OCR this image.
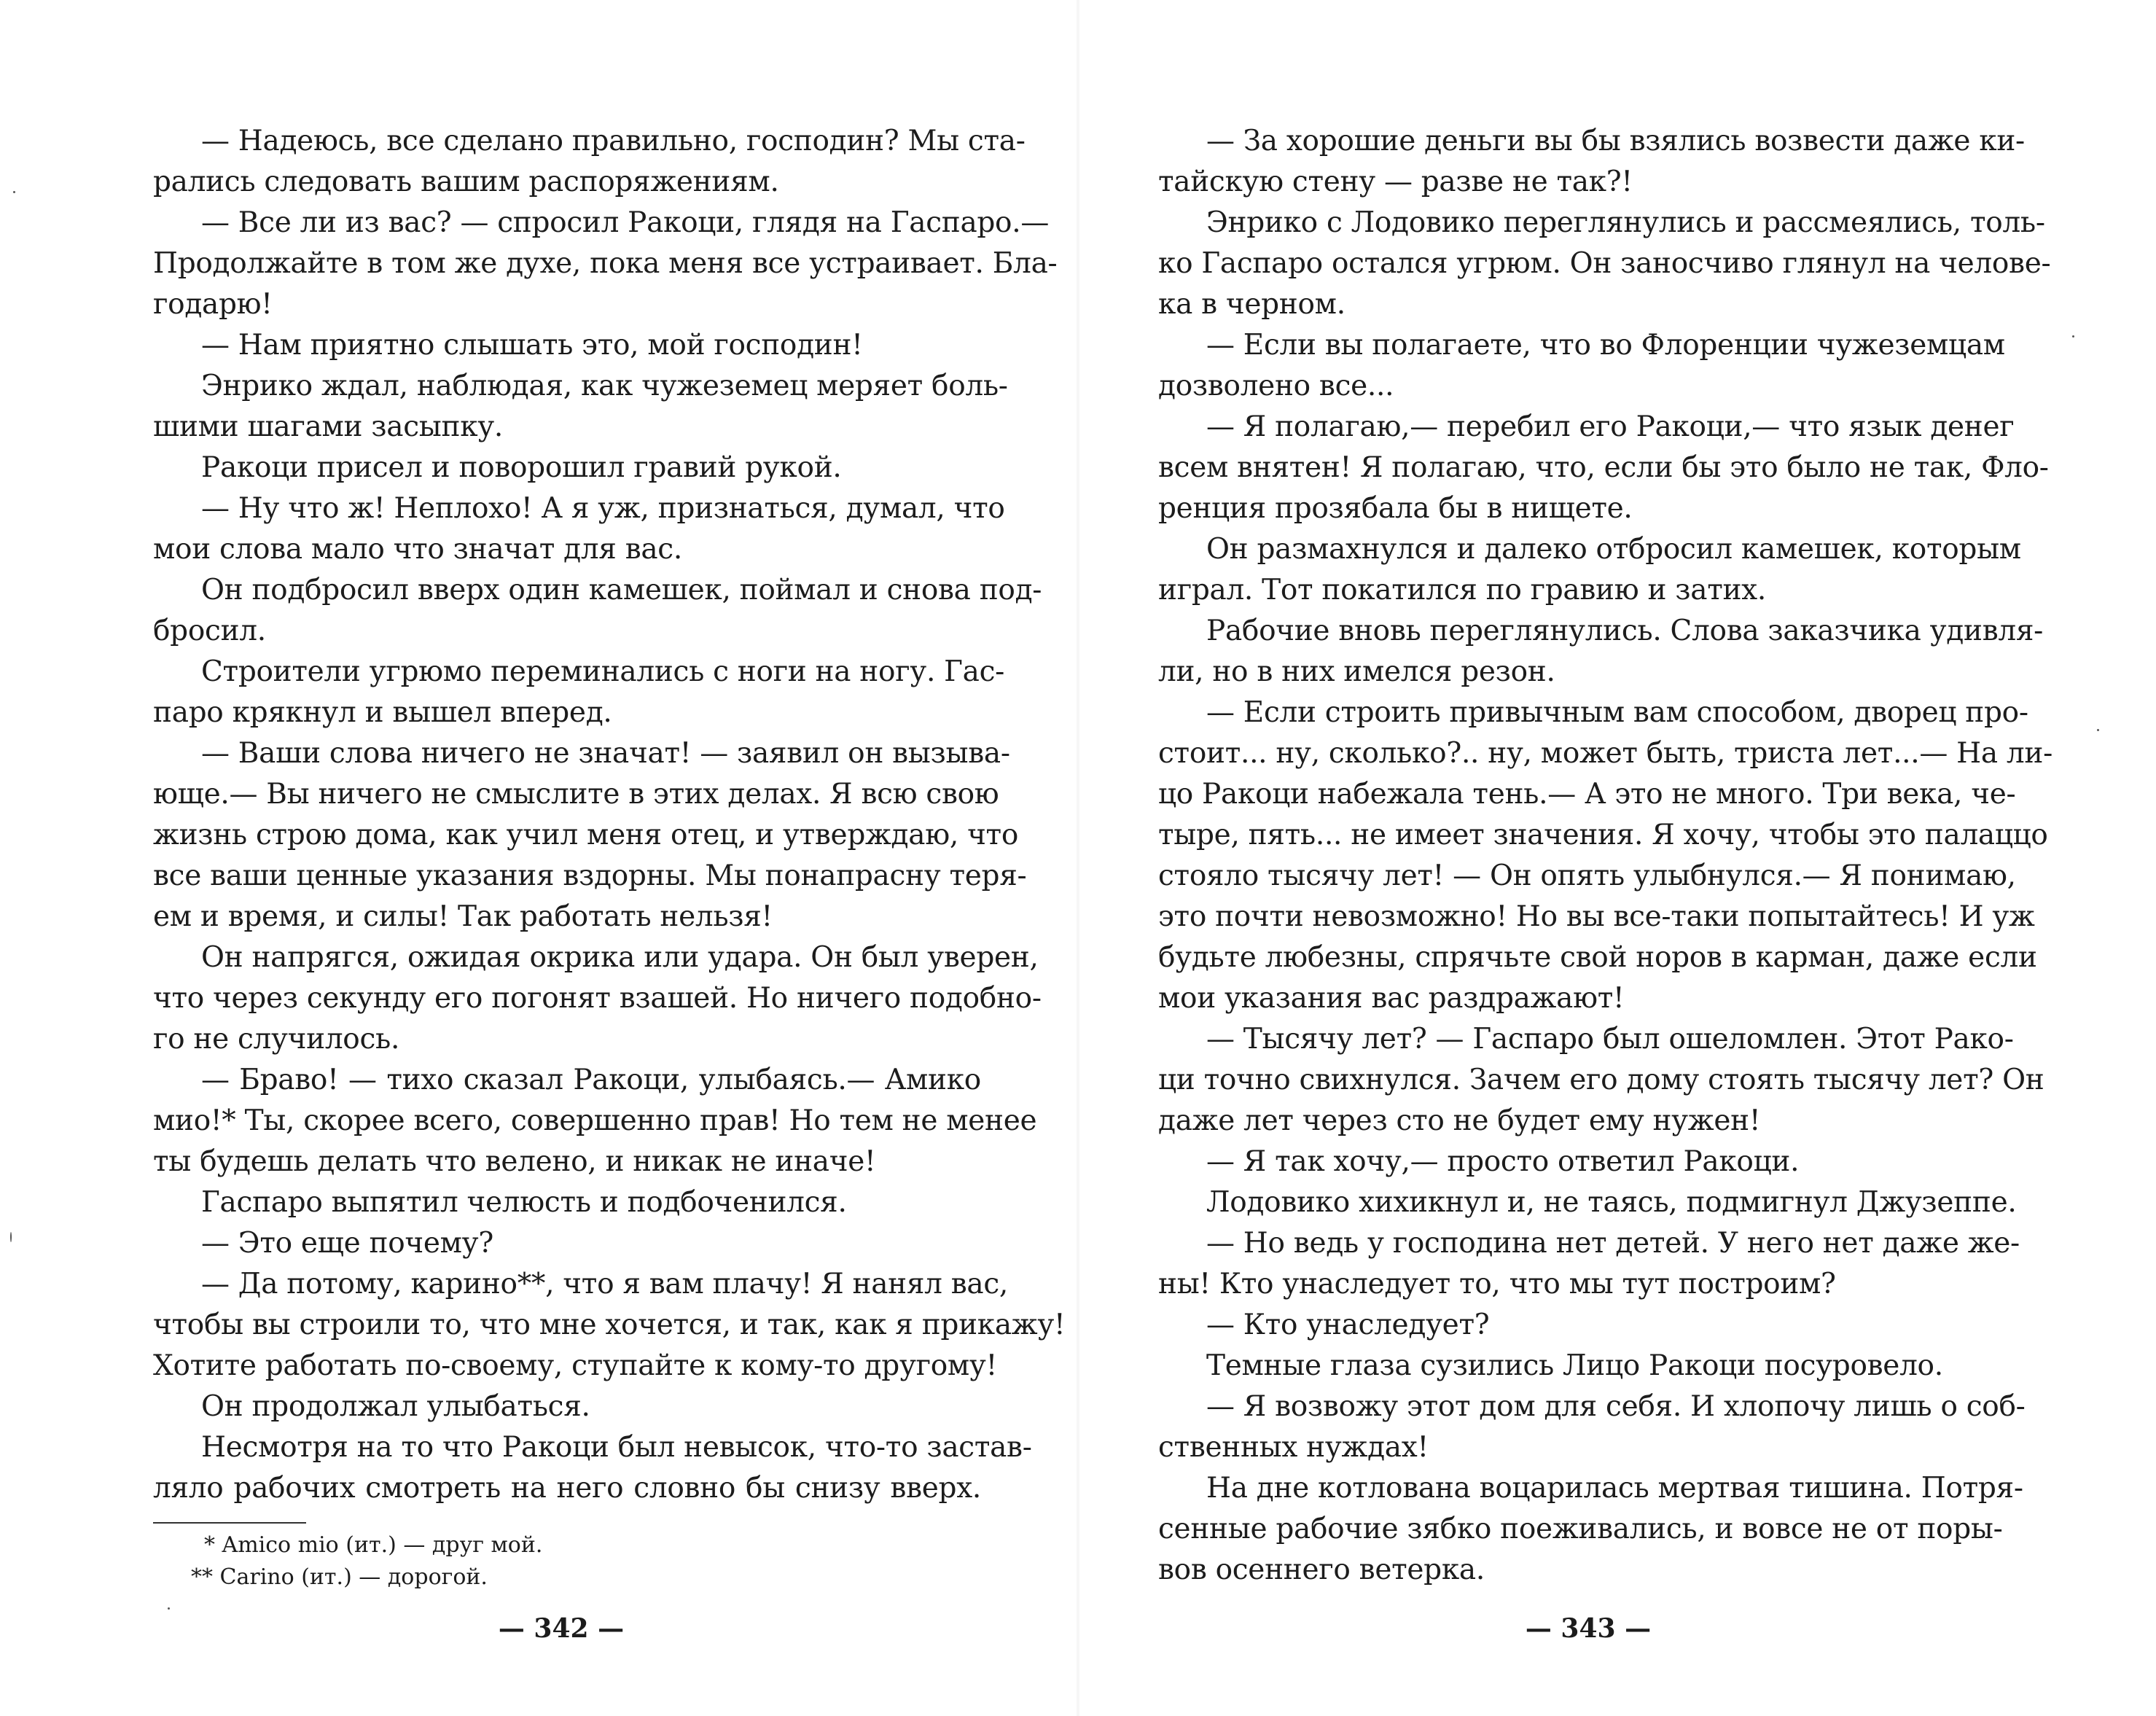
— Надеюсь, все сделано правильно, господин? Мы ста-

рались следовать вашим распоряжениям.

— Все ли из вас? — спросил Ракоци, глядя на Гаспаро.—

Продолжайте в том же духе, пока меня все устраивает. Бла-

годарю!

— Нам приятно слышать это, мой господин!

Энрико ждал, наблюдая, как чужеземец меряет боль-

шими шагами засыпку.

Ракоци присел и поворошил гравий рукой.

— Ну что ж! Неплохо! А я уж, признаться, думал, что

мои слова мало что значат для вас.

Он подбросил вверх один камешек, поймал и снова под-

бросил.

Строители угрюмо переминались с ноги на ногу. Гас-

паро крякнул и вышел вперед.

— Ваши слова ничего не значат! — заявил он вызыва-

юще.— Вы ничего не смыслите в этих делах. Я всю свою

жизнь строю дома, как учил меня отец, и утверждаю, что

все ваши ценные указания вздорны. Мы понапрасну теря-

ем и время, и силы! Так работать нельзя!

Он напрягся, ожидая окрика или удара. Он был уверен,

что через секунду его погонят взашей. Но ничего подобно-

го не случилось.

— Браво! — тихо сказал Ракоци, улыбаясь.— Амико

мио!* Ты, скорее всего, совершенно прав! Но тем не менее

ты будешь делать что велено, и никак не иначе!

Гаспаро выпятил челюсть и подбоченился.

— Это еще почему?

— Да потому, карино**, что я вам плачу! Я нанял вас,

чтобы вы строили то, что мне хочется, и так, как я прикажу!

Хотите работать по-своему, ступайте к кому-то другому!

Он продолжал улыбаться.

Несмотря на то что Ракоци был невысок, что-то застав-

ляло рабочих смотреть на него словно бы снизу вверх.

* Amico mio (ит.) — друг мой.

** Carino (ит.) — дорогой.

— 342 —

— За хорошие деньги вы бы взялись возвести даже ки-

тайскую стену — разве не так?!

Энрико с Лодовико переглянулись и рассмеялись, толь-

ко Гаспаро остался угрюм. Он заносчиво глянул на челове-

ка в черном.

— Если вы полагаете, что во Флоренции чужеземцам

дозволено все...

— Я полагаю,— перебил его Ракоци,— что язык денег

всем внятен! Я полагаю, что, если бы это было не так, Фло-

ренция прозябала бы в нищете.

Он размахнулся и далеко отбросил камешек, которым

играл. Тот покатился по гравию и затих.

Рабочие вновь переглянулись. Слова заказчика удивля-

ли, но в них имелся резон.

— Если строить привычным вам способом, дворец про-

стоит... ну, сколько?.. ну, может быть, триста лет...— На ли-

цо Ракоци набежала тень.— А это не много. Три века, че-

тыре, пять... не имеет значения. Я хочу, чтобы это палаццо

стояло тысячу лет! — Он опять улыбнулся.— Я понимаю,

это почти невозможно! Но вы все-таки попытайтесь! И уж

будьте любезны, спрячьте свой норов в карман, даже если

мои указания вас раздражают!

— Тысячу лет? — Гаспаро был ошеломлен. Этот Рако-

ци точно свихнулся. Зачем его дому стоять тысячу лет? Он

даже лет через сто не будет ему нужен!

— Я так хочу,— просто ответил Ракоци.

Лодовико хихикнул и, не таясь, подмигнул Джузеппе.

— Но ведь у господина нет детей. У него нет даже же-

ны! Кто унаследует то, что мы тут построим?

— Кто унаследует?

Темные глаза сузились Лицо Ракоци посуровело.

— Я возвожу этот дом для себя. И хлопочу лишь о соб-

ственных нуждах!

На дне котлована воцарилась мертвая тишина. Потря-

сенные рабочие зябко поеживались, и вовсе не от поры-

вов осеннего ветерка.

— 343 —
